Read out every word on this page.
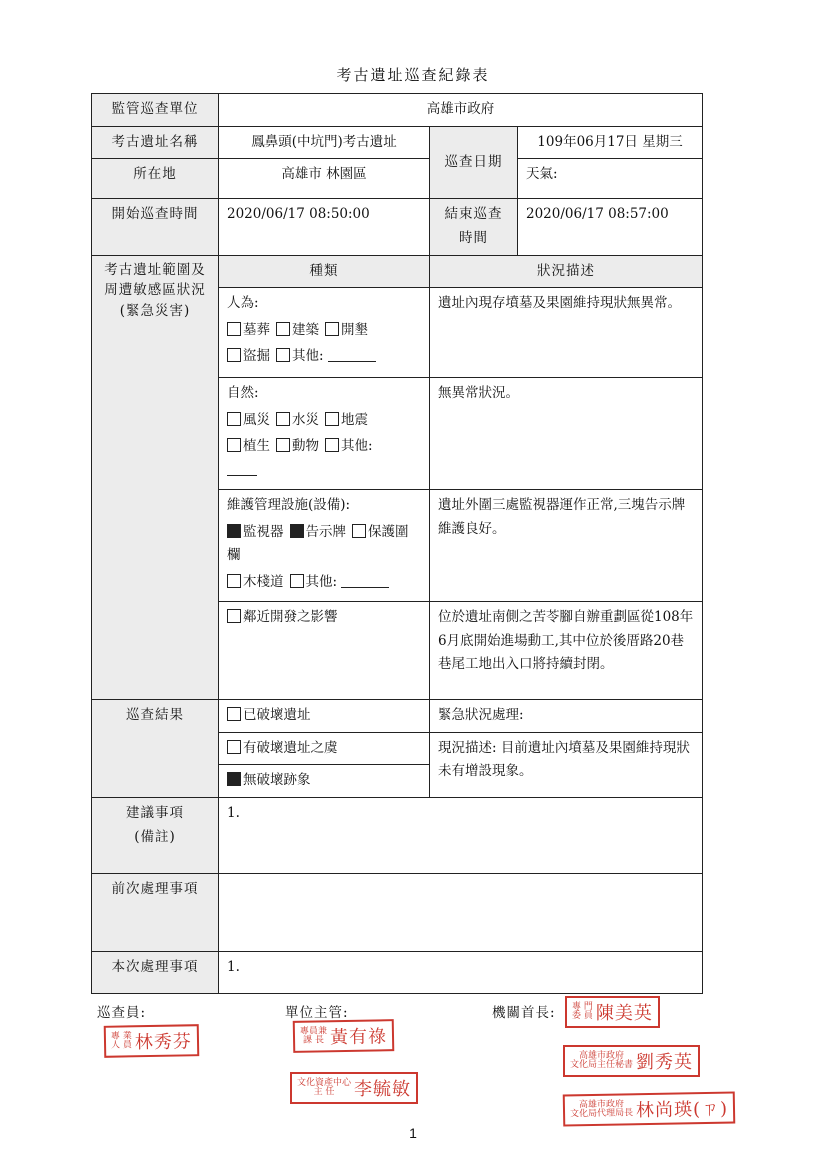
考古遺址巡查紀錄表
監管巡查單位	高雄市政府		
考古遺址名稱	鳳鼻頭(中坑門)考古遺址	巡查日期	109年06月17日 星期三
所在地	高雄市 林園區		天氣:
開始巡查時間	2020/06/17 08:50:00	結束巡查時間	2020/06/17 08:57:00
考古遺址範圍及周遭敏感區狀況(緊急災害)	種類	狀況描述	

	人為:
墓葬 建築 開墾
盜掘 其他:	遺址內現存墳墓及果園維持現狀無異常。	

	自然:
風災 水災 地震
植生 動物 其他:	無異常狀況。	

	維護管理設施(設備):
監視器 告示牌 保護圍欄
木棧道 其他:	遺址外圍三處監視器運作正常,三塊告示牌維護良好。	
	鄰近開發之影響	位於遺址南側之苦苓腳自辦重劃區從108年6月底開始進場動工,其中位於後厝路20巷巷尾工地出入口將持續封閉。	
巡查結果	已破壞遺址	緊急狀況處理:	
	有破壞遺址之虞	現況描述: 目前遺址內墳墓及果園維持現狀未有增設現象。	
	無破壞跡象		

建議事項
(備註)	1.		
前次處理事項			
本次處理事項	1.		
巡查員:	單位主管:	機關首長:
專 業
人 員 林秀芬
專員兼
課 長 黃有祿
文化資產中心
主 任	李毓敏
專 門
委 員 陳美英
高雄市政府
文化局主任秘書 劉秀英
高雄市政府
文化局代理局長 林尚瑛(ㄗ)
1
